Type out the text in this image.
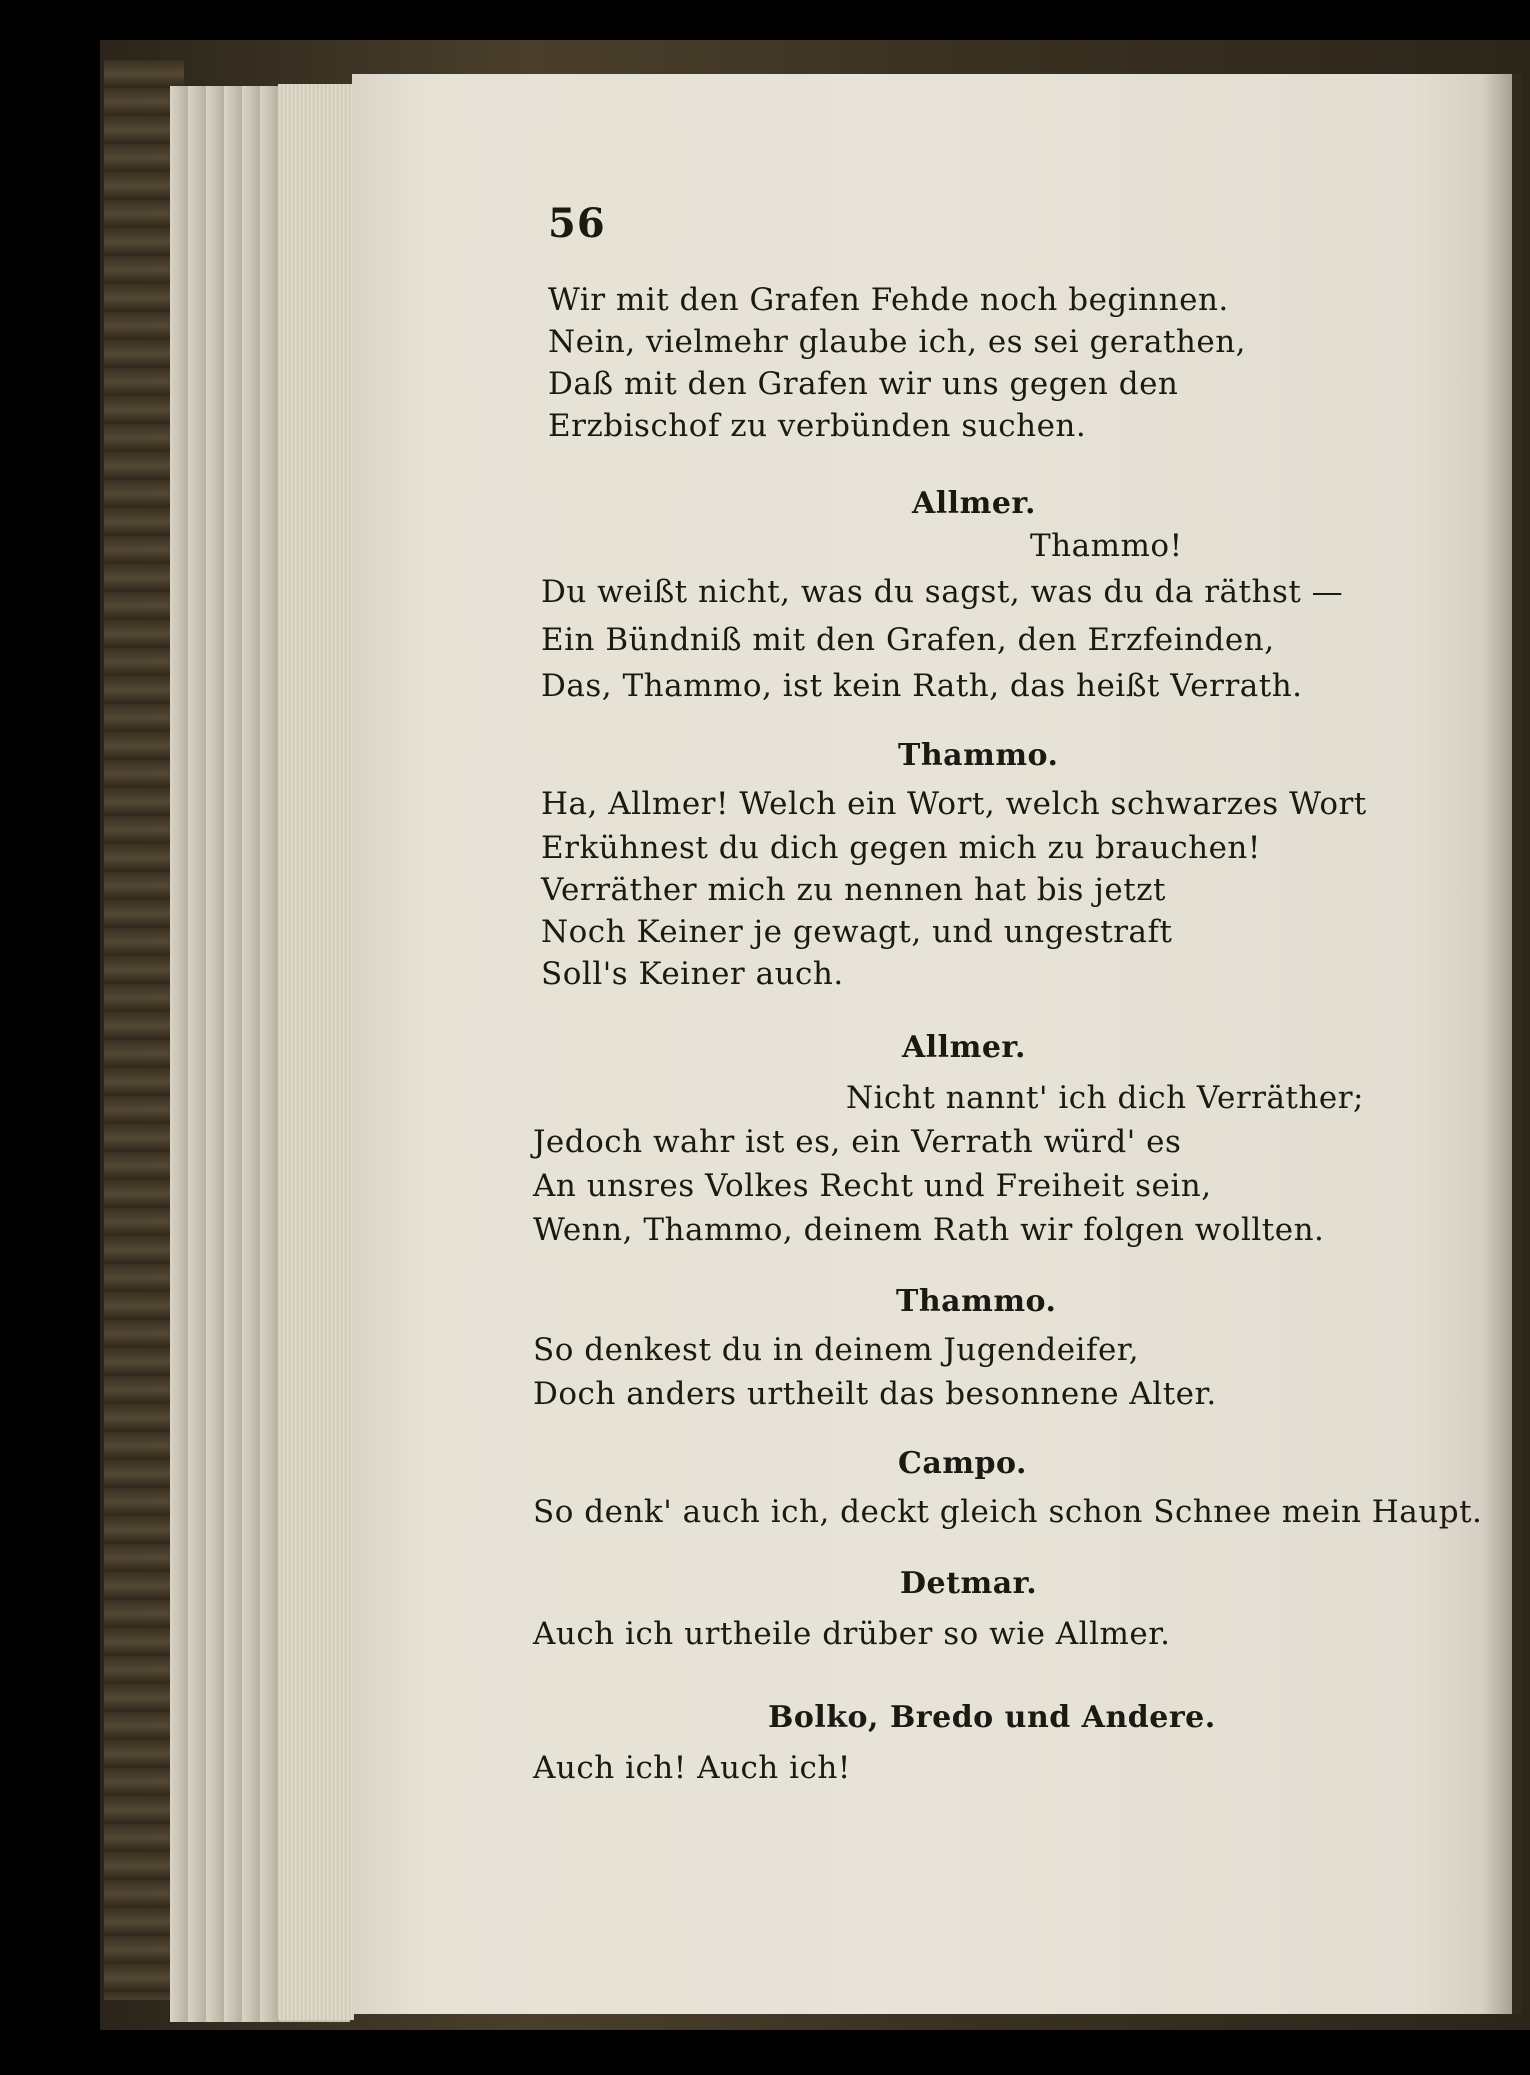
56
Wir mit den Grafen Fehde noch beginnen.
Nein, vielmehr glaube ich, es sei gerathen,
Daß mit den Grafen wir uns gegen den
Erzbischof zu verbünden suchen.
Allmer.
Thammo!
Du weißt nicht, was du sagst, was du da räthst —
Ein Bündniß mit den Grafen, den Erzfeinden,
Das, Thammo, ist kein Rath, das heißt Verrath.
Thammo.
Ha, Allmer! Welch ein Wort, welch schwarzes Wort
Erkühnest du dich gegen mich zu brauchen!
Verräther mich zu nennen hat bis jetzt
Noch Keiner je gewagt, und ungestraft
Soll's Keiner auch.
Allmer.
Nicht nannt' ich dich Verräther;
Jedoch wahr ist es, ein Verrath würd' es
An unsres Volkes Recht und Freiheit sein,
Wenn, Thammo, deinem Rath wir folgen wollten.
Thammo.
So denkest du in deinem Jugendeifer,
Doch anders urtheilt das besonnene Alter.
Campo.
So denk' auch ich, deckt gleich schon Schnee mein Haupt.
Detmar.
Auch ich urtheile drüber so wie Allmer.
Bolko, Bredo und Andere.
Auch ich! Auch ich!
